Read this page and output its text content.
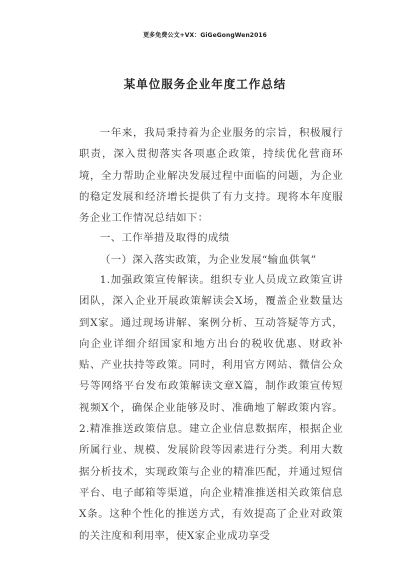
更多免费公文+VX：GiGeGongWen2016
某单位服务企业年度工作总结

一年来，我局秉持着为企业服务的宗旨，积极履行职责，深入贯彻落实各项惠企政策，持续优化营商环境，全力帮助企业解决发展过程中面临的问题，为企业的稳定发展和经济增长提供了有力支持。现将本年度服务企业工作情况总结如下：

一、工作举措及取得的成绩
（一）深入落实政策，为企业发展“输血供氧”

1.加强政策宣传解读。组织专业人员成立政策宣讲团队，深入企业开展政策解读会X场，覆盖企业数量达到X家。通过现场讲解、案例分析、互动答疑等方式，向企业详细介绍国家和地方出台的税收优惠、财政补贴、产业扶持等政策。同时，利用官方网站、微信公众号等网络平台发布政策解读文章X篇，制作政策宣传短视频X个，确保企业能够及时、准确地了解政策内容。2.精准推送政策信息。建立企业信息数据库，根据企业所属行业、规模、发展阶段等因素进行分类。利用大数据分析技术，实现政策与企业的精准匹配，并通过短信平台、电子邮箱等渠道，向企业精准推送相关政策信息X条。这种个性化的推送方式，有效提高了企业对政策的关注度和利用率，使X家企业成功享受
